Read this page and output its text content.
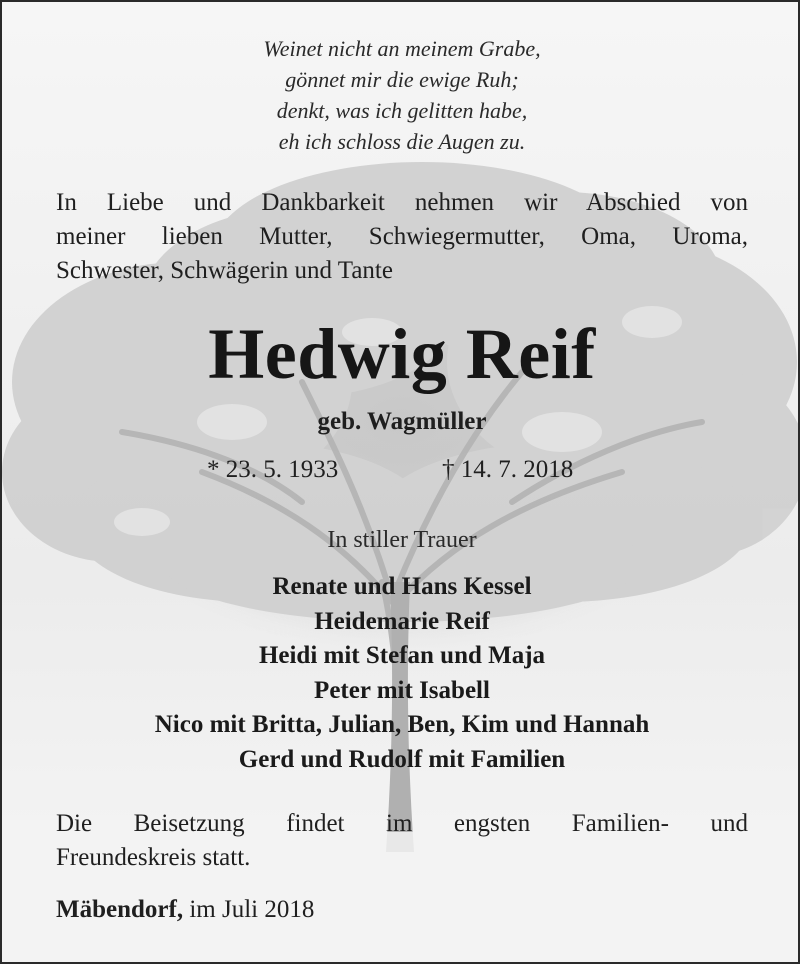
Weinet nicht an meinem Grabe,
gönnet mir die ewige Ruh;
denkt, was ich gelitten habe,
eh ich schloss die Augen zu.
In Liebe und Dankbarkeit nehmen wir Abschied von
meiner lieben Mutter, Schwiegermutter, Oma, Uroma,
Schwester, Schwägerin und Tante
Hedwig Reif
geb. Wagmüller
* 23. 5. 1933	† 14. 7. 2018
In stiller Trauer
Renate und Hans Kessel
Heidemarie Reif
Heidi mit Stefan und Maja
Peter mit Isabell
Nico mit Britta, Julian, Ben, Kim und Hannah
Gerd und Rudolf mit Familien
Die Beisetzung findet im engsten Familien- und
Freundeskreis statt.
Mäbendorf, im Juli 2018
